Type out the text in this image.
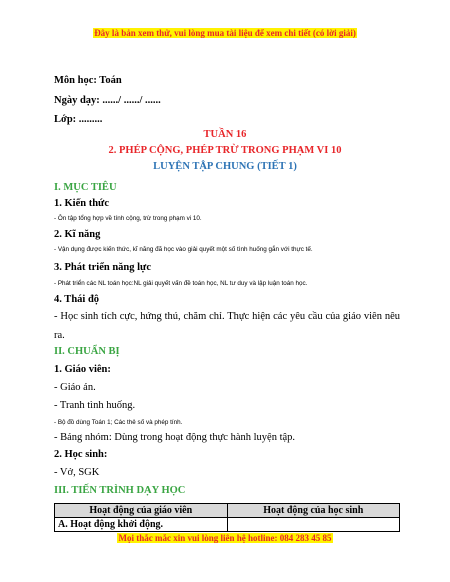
Đây là bản xem thử, vui lòng mua tài liệu để xem chi tiết (có lời giải)
Môn học: Toán
Ngày dạy: ....../ ....../ ......
Lớp: .........
TUẦN 16
2. PHÉP CỘNG, PHÉP TRỪ TRONG PHẠM VI 10
LUYỆN TẬP CHUNG (TIẾT 1)
I. MỤC TIÊU
1. Kiến thức
- Ôn tập tổng hợp về tính cộng, trừ trong phạm vi 10.
2. Kĩ năng
- Vận dụng được kiến thức, kĩ năng đã học vào giải quyết một số tình huống gắn với thực tế.
3. Phát triển năng lực
- Phát triển các NL toán học:NL giải quyết vấn đề toán học, NL tư duy và lập luận toán học.
4. Thái độ
- Học sinh tích cực, hứng thú, chăm chỉ. Thực hiện các yêu cầu của giáo viên nêu ra.
II. CHUẨN BỊ
1. Giáo viên:
- Giáo án.
- Tranh tình huống.
- Bộ đồ dùng Toán 1; Các thẻ số và phép tính.
- Bảng nhóm: Dùng trong hoạt động thực hành luyện tập.
2. Học sinh:
- Vở, SGK
III. TIẾN TRÌNH DẠY HỌC
Hoạt động của giáo viên	Hoạt động của học sinh
A. Hoạt động khởi động.	
Mọi thắc mắc xin vui lòng liên hệ hotline: 084 283 45 85
